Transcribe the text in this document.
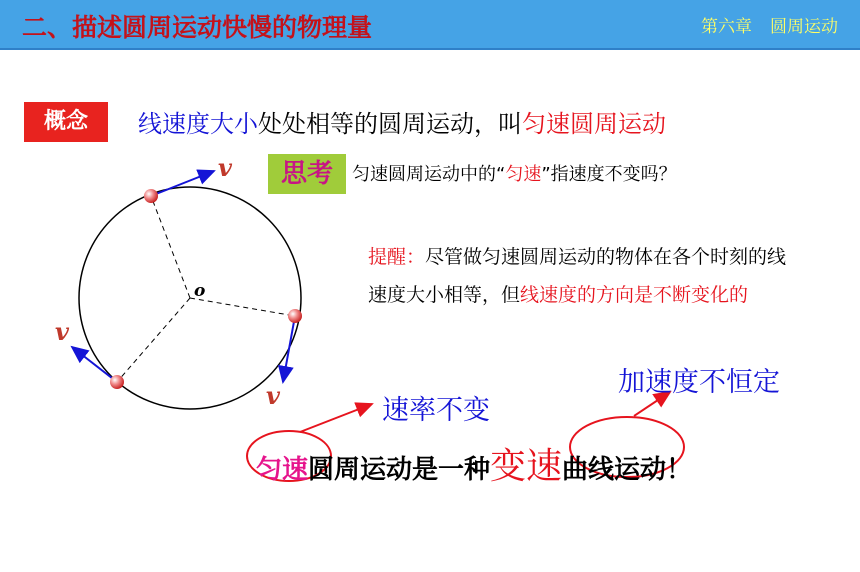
二、描述圆周运动快慢的物理量	第六章 圆周运动
概念	线速度大小处处相等的圆周运动，叫匀速圆周运动
思考	匀速圆周运动中的“匀速”指速度不变吗？
提醒：尽管做匀速圆周运动的物体在各个时刻的线速度大小相等，但线速度的方向是不断变化的
o
v
v
v	速率不变
加速度不恒定
匀速圆周运动是一种变速曲线运动！
